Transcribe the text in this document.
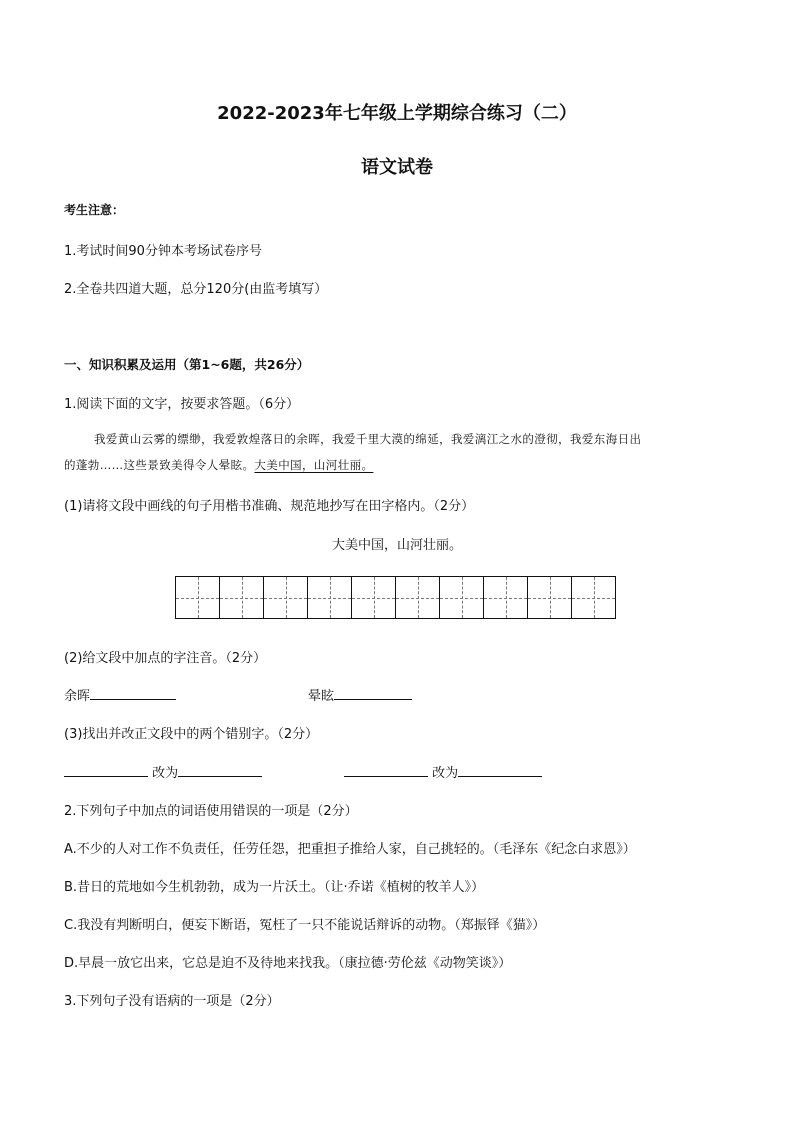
2022-2023年七年级上学期综合练习（二）
语文试卷
考生注意：
1.考试时间90分钟本考场试卷序号
2.全卷共四道大题，总分120分(由监考填写）
一、知识积累及运用（第1~6题，共26分）
1.阅读下面的文字，按要求答题。（6分）
我爱黄山云雾的缥缈，我爱敦煌落日的余晖，我爱千里大漠的绵延，我爱漓江之水的澄彻，我爱东海日出
的蓬勃……这些景致美得令人晕眩。大美中国，山河壮丽。
(1)请将文段中画线的句子用楷书准确、规范地抄写在田字格内。（2分）
大美中国，山河壮丽。
(2)给文段中加点的字注音。（2分）
余晖	晕眩
(3)找出并改正文段中的两个错别字。（2分）
改为	改为
2.下列句子中加点的词语使用错误的一项是（2分）
A.不少的人对工作不负责任，任劳任怨，把重担子推给人家，自己挑轻的。（毛泽东《纪念白求恩》）
B.昔日的荒地如今生机勃勃，成为一片沃土。（让·乔诺《植树的牧羊人》）
C.我没有判断明白，便妄下断语，冤枉了一只不能说话辩诉的动物。（郑振铎《猫》）
D.早晨一放它出来，它总是迫不及待地来找我。（康拉德·劳伦兹《动物笑谈》）
3.下列句子没有语病的一项是（2分）
